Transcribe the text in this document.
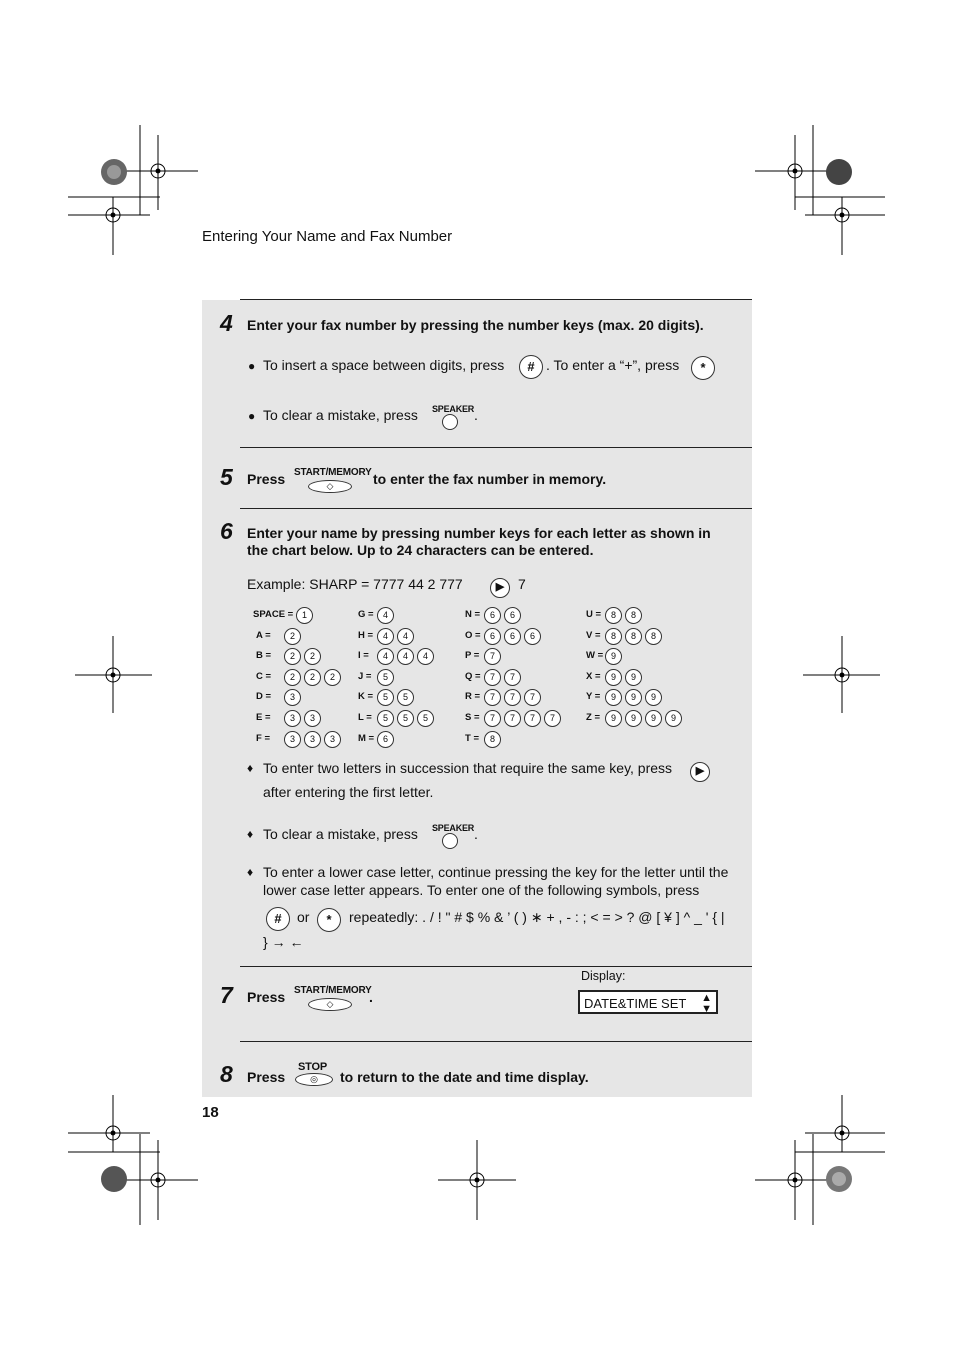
Entering Your Name and Fax Number
18
4 Enter your fax number by pressing the number keys (max. 20 digits).
● To insert a space between digits, press	# . To enter a “+”, press	*
● To clear a mistake, press SPEAKER .
5 Press START/MEMORY
◇	to enter the fax number in memory.
6 Enter your name by pressing number keys for each letter as shown in
the chart below. Up to 24 characters can be entered.
Example: SHARP = 7777 44 2 777	▶ 7
SPACE = 1
A =	2
B =	2	2
C =	2	2	2
D =	3
E =	3	3
F =	3	3	3
G =	4
H =	4	4
I =	4	4	4
J =	5
K =	5	5
L =	5	5	5
M = 6
N =	6	6
O =	6	6	6
P =	7
Q =	7	7
R =	7	7	7
S =	7	7	7	7
T =	8
U =	8	8
V =	8	8	8
W = 9
X =	9	9
Y =	9	9	9
Z =	9	9	9	9
♦ To enter two letters in succession that require the same key, press	▶
after entering the first letter.
♦ To clear a mistake, press SPEAKER .
♦ To enter a lower case letter, continue pressing the key for the letter until the
lower case letter appears. To enter one of the following symbols, press
#	or	*	repeatedly: . / ! " # $ % & ’ ( ) ∗ + , - : ; < = > ? @ [ ¥ ] ^ _ ' { |
} → ←
7 Press START/MEMORY
◇	.
Display:
DATE&TIME SET ▲
▼
8 Press
STOP
◎	to return to the date and time display.
